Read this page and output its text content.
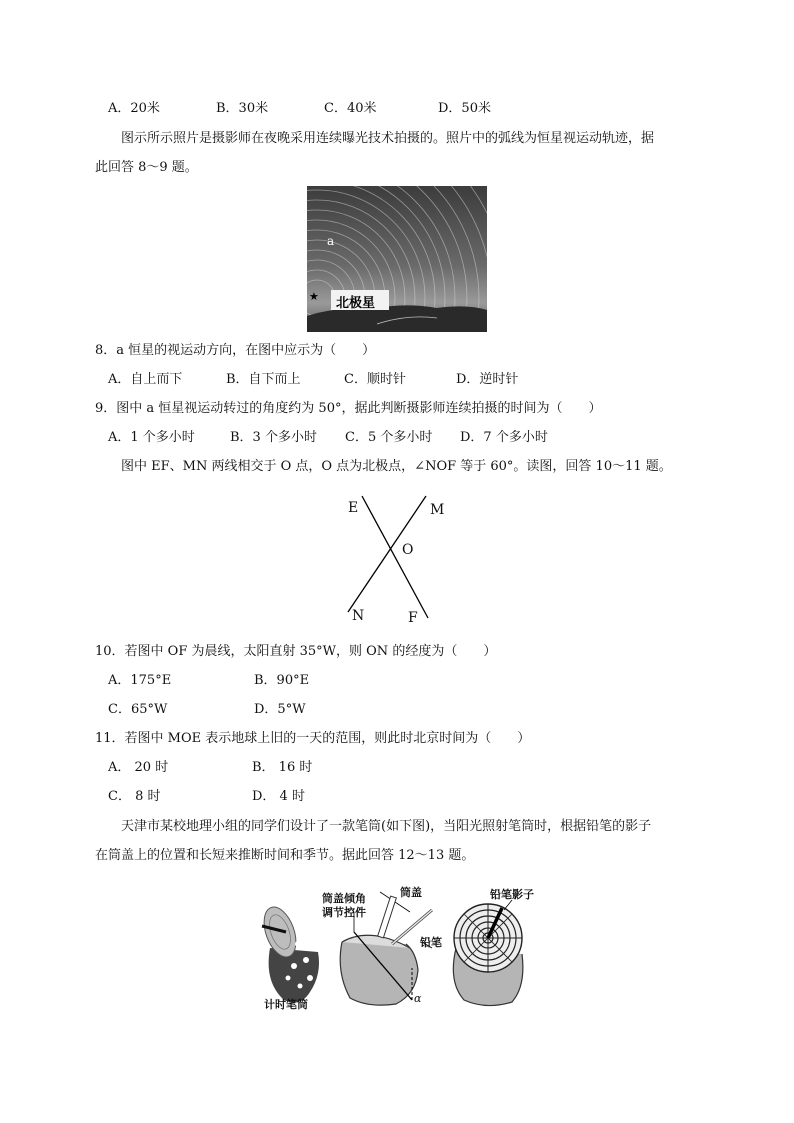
A．20米	B．30米	C．40米	D．50米
图示所示照片是摄影师在夜晚采用连续曝光技术拍摄的。照片中的弧线为恒星视运动轨迹，据
此回答 8～9 题。
a
★ 北极星
8．a 恒星的视运动方向，在图中应示为（　　）
A．自上而下	B．自下而上	C．顺时针	D．逆时针
9．图中 a 恒星视运动转过的角度约为 50°，据此判断摄影师连续拍摄的时间为（　　）
A．1 个多小时	B．3 个多小时 C．5 个多小时 D．7 个多小时
图中 EF、MN 两线相交于 O 点，O 点为北极点，∠NOF 等于 60°。读图，回答 10～11 题。
E	M
O
N	F
10．若图中 OF 为晨线，太阳直射 35°W，则 ON 的经度为（　　）
A．175°E	B．90°E
C．65°W	D．5°W
11．若图中 MOE 表示地球上旧的一天的范围，则此时北京时间为（　　）
A． 20 时	B． 16 时
C． 8 时	D． 4 时
天津市某校地理小组的同学们设计了一款笔筒(如下图)，当阳光照射笔筒时，根据铅笔的影子
在筒盖上的位置和长短来推断时间和季节。据此回答 12～13 题。
计时笔筒
筒盖倾角
调节控件
筒盖
铅笔
铅笔影子
α
